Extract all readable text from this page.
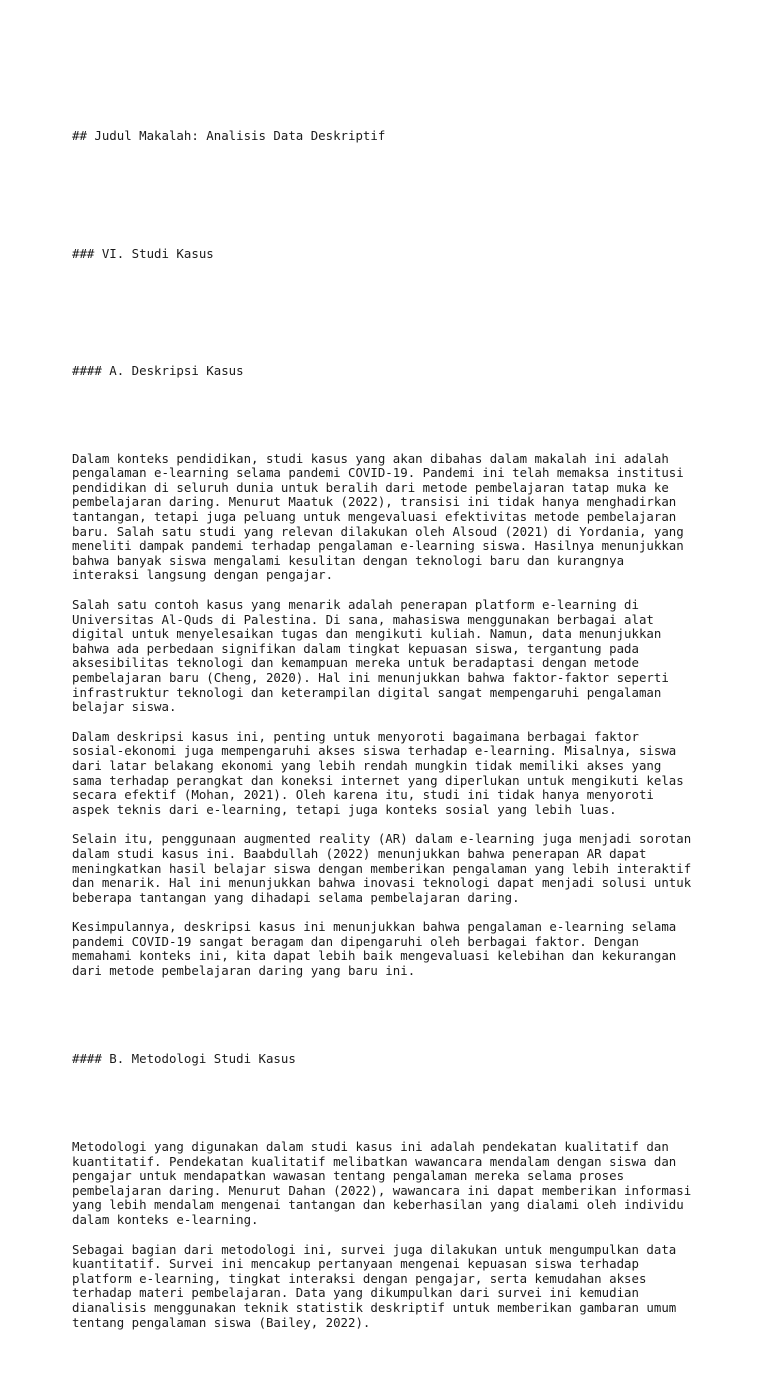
## Judul Makalah: Analisis Data Deskriptif

### VI. Studi Kasus

#### A. Deskripsi Kasus

Dalam konteks pendidikan, studi kasus yang akan dibahas dalam makalah ini adalah
pengalaman e-learning selama pandemi COVID-19. Pandemi ini telah memaksa institusi
pendidikan di seluruh dunia untuk beralih dari metode pembelajaran tatap muka ke
pembelajaran daring. Menurut Maatuk (2022), transisi ini tidak hanya menghadirkan
tantangan, tetapi juga peluang untuk mengevaluasi efektivitas metode pembelajaran
baru. Salah satu studi yang relevan dilakukan oleh Alsoud (2021) di Yordania, yang
meneliti dampak pandemi terhadap pengalaman e-learning siswa. Hasilnya menunjukkan
bahwa banyak siswa mengalami kesulitan dengan teknologi baru dan kurangnya
interaksi langsung dengan pengajar.
Salah satu contoh kasus yang menarik adalah penerapan platform e-learning di
Universitas Al-Quds di Palestina. Di sana, mahasiswa menggunakan berbagai alat
digital untuk menyelesaikan tugas dan mengikuti kuliah. Namun, data menunjukkan
bahwa ada perbedaan signifikan dalam tingkat kepuasan siswa, tergantung pada
aksesibilitas teknologi dan kemampuan mereka untuk beradaptasi dengan metode
pembelajaran baru (Cheng, 2020). Hal ini menunjukkan bahwa faktor-faktor seperti
infrastruktur teknologi dan keterampilan digital sangat mempengaruhi pengalaman
belajar siswa.
Dalam deskripsi kasus ini, penting untuk menyoroti bagaimana berbagai faktor
sosial-ekonomi juga mempengaruhi akses siswa terhadap e-learning. Misalnya, siswa
dari latar belakang ekonomi yang lebih rendah mungkin tidak memiliki akses yang
sama terhadap perangkat dan koneksi internet yang diperlukan untuk mengikuti kelas
secara efektif (Mohan, 2021). Oleh karena itu, studi ini tidak hanya menyoroti
aspek teknis dari e-learning, tetapi juga konteks sosial yang lebih luas.
Selain itu, penggunaan augmented reality (AR) dalam e-learning juga menjadi sorotan
dalam studi kasus ini. Baabdullah (2022) menunjukkan bahwa penerapan AR dapat
meningkatkan hasil belajar siswa dengan memberikan pengalaman yang lebih interaktif
dan menarik. Hal ini menunjukkan bahwa inovasi teknologi dapat menjadi solusi untuk
beberapa tantangan yang dihadapi selama pembelajaran daring.
Kesimpulannya, deskripsi kasus ini menunjukkan bahwa pengalaman e-learning selama
pandemi COVID-19 sangat beragam dan dipengaruhi oleh berbagai faktor. Dengan
memahami konteks ini, kita dapat lebih baik mengevaluasi kelebihan dan kekurangan
dari metode pembelajaran daring yang baru ini.

#### B. Metodologi Studi Kasus

Metodologi yang digunakan dalam studi kasus ini adalah pendekatan kualitatif dan
kuantitatif. Pendekatan kualitatif melibatkan wawancara mendalam dengan siswa dan
pengajar untuk mendapatkan wawasan tentang pengalaman mereka selama proses
pembelajaran daring. Menurut Dahan (2022), wawancara ini dapat memberikan informasi
yang lebih mendalam mengenai tantangan dan keberhasilan yang dialami oleh individu
dalam konteks e-learning.
Sebagai bagian dari metodologi ini, survei juga dilakukan untuk mengumpulkan data
kuantitatif. Survei ini mencakup pertanyaan mengenai kepuasan siswa terhadap
platform e-learning, tingkat interaksi dengan pengajar, serta kemudahan akses
terhadap materi pembelajaran. Data yang dikumpulkan dari survei ini kemudian
dianalisis menggunakan teknik statistik deskriptif untuk memberikan gambaran umum
tentang pengalaman siswa (Bailey, 2022).
